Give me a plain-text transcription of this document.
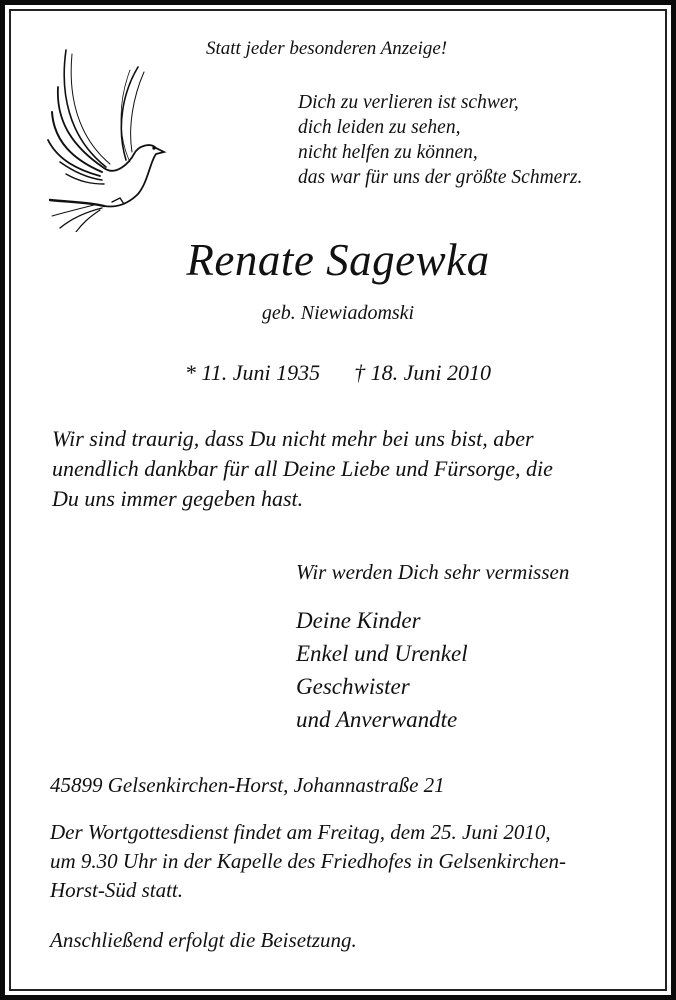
Statt jeder besonderen Anzeige!
Dich zu verlieren ist schwer,
dich leiden zu sehen,
nicht helfen zu können,
das war für uns der größte Schmerz.
Renate Sagewka
geb. Niewiadomski
* 11. Juni 1935 † 18. Juni 2010
Wir sind traurig, dass Du nicht mehr bei uns bist, aber
unendlich dankbar für all Deine Liebe und Fürsorge, die
Du uns immer gegeben hast.
Wir werden Dich sehr vermissen
Deine Kinder
Enkel und Urenkel
Geschwister
und Anverwandte
45899 Gelsenkirchen-Horst, Johannastraße 21
Der Wortgottesdienst findet am Freitag, dem 25. Juni 2010,
um 9.30 Uhr in der Kapelle des Friedhofes in Gelsenkirchen-
Horst-Süd statt.
Anschließend erfolgt die Beisetzung.
